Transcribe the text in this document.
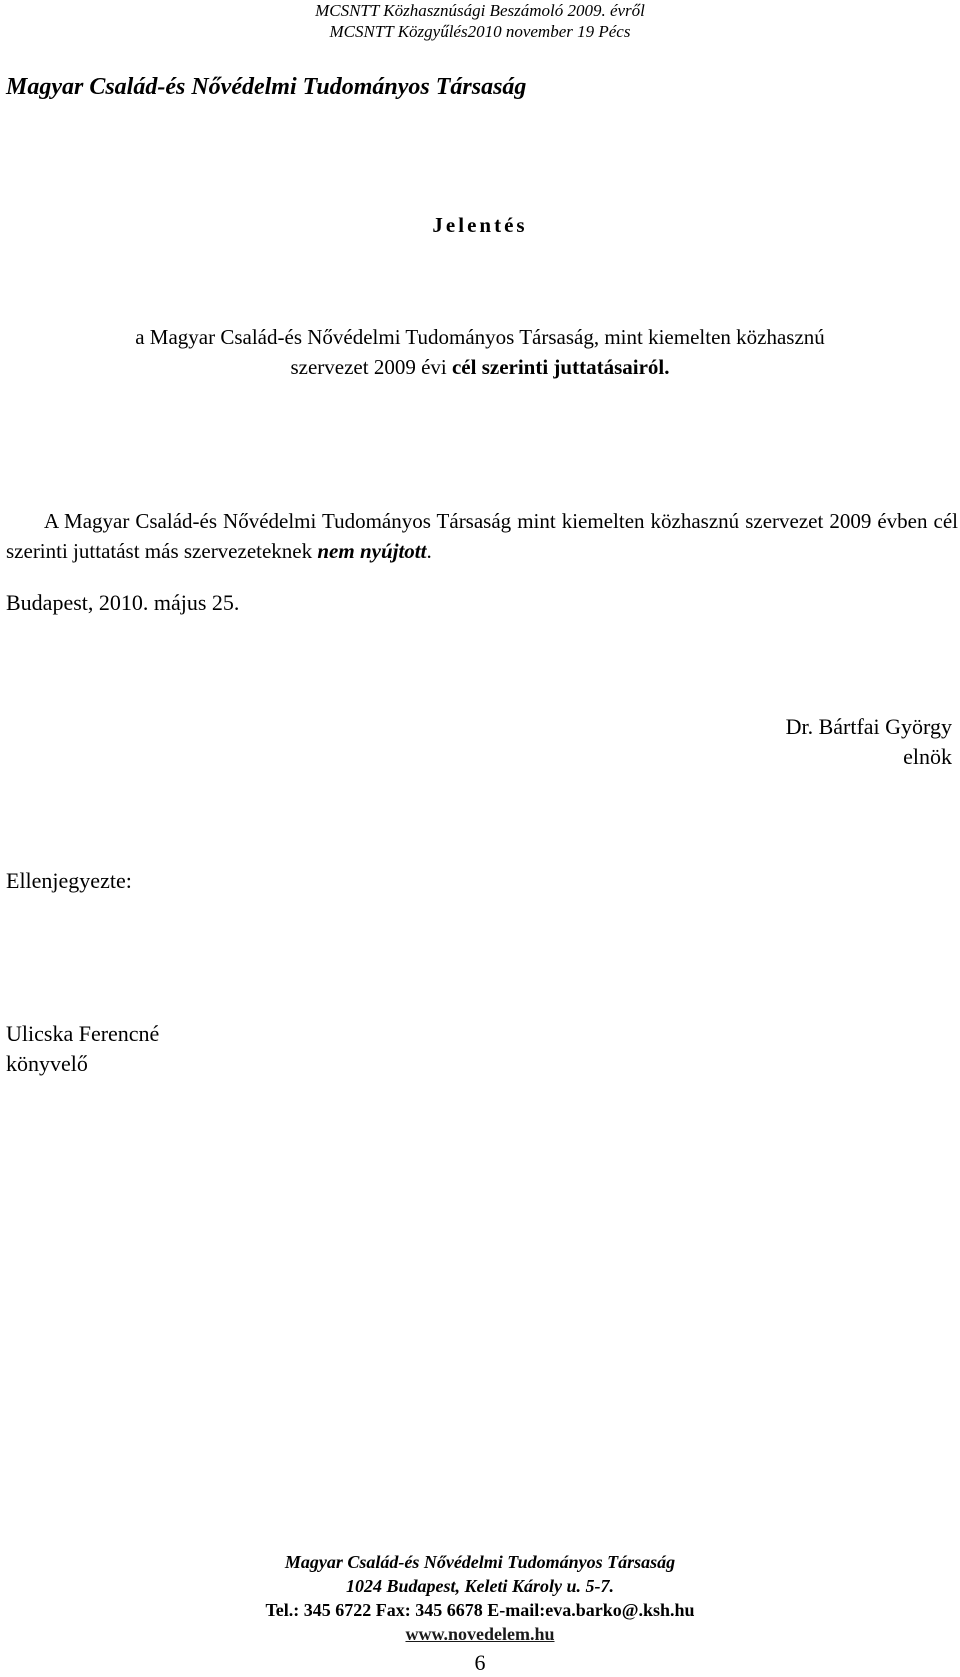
MCSNTT Közhasznúsági Beszámoló 2009. évről
MCSNTT Közgyűlés2010 november 19 Pécs
Magyar Család-és Nővédelmi Tudományos Társaság
Jelentés
a Magyar Család-és Nővédelmi Tudományos Társaság, mint kiemelten közhasznú
szervezet 2009 évi cél szerinti juttatásairól.

A Magyar Család-és Nővédelmi Tudományos Társaság mint kiemelten közhasznú szervezet 2009 évben cél szerinti juttatást más szervezeteknek nem nyújtott.

Budapest, 2010. május 25.
Dr. Bártfai György
elnök
Ellenjegyezte:
Ulicska Ferencné
könyvelő
Magyar Család-és Nővédelmi Tudományos Társaság
1024 Budapest, Keleti Károly u. 5-7.
Tel.: 345 6722 Fax: 345 6678 E-mail:eva.barko@.ksh.hu
www.novedelem.hu
6
